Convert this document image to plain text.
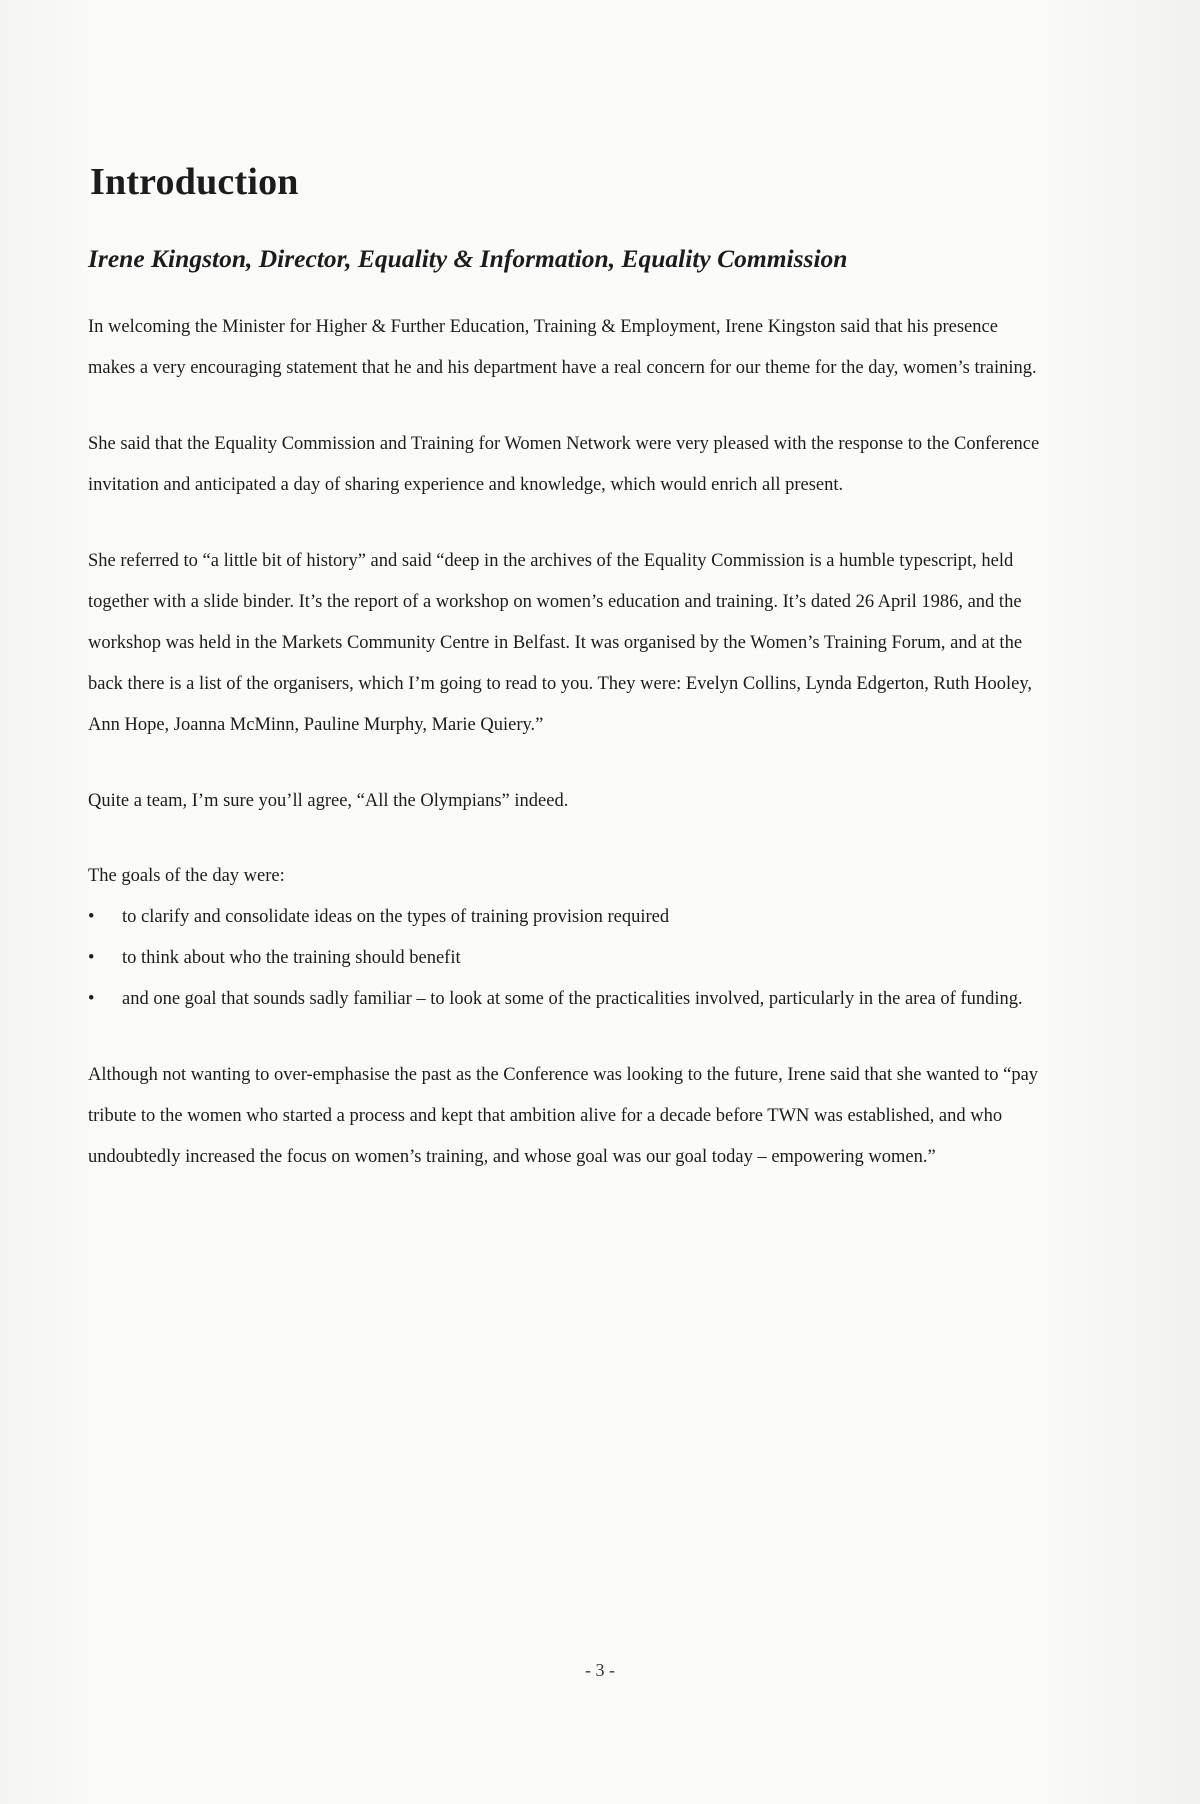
Introduction
Irene Kingston, Director, Equality & Information, Equality Commission

In welcoming the Minister for Higher & Further Education, Training & Employment, Irene Kingston said that his presence makes a very encouraging statement that he and his department have a real concern for our theme for the day, women’s training.

She said that the Equality Commission and Training for Women Network were very pleased with the response to the Conference invitation and anticipated a day of sharing experience and knowledge, which would enrich all present.

She referred to “a little bit of history” and said “deep in the archives of the Equality Commission is a humble typescript, held together with a slide binder. It’s the report of a workshop on women’s education and training. It’s dated 26 April 1986, and the workshop was held in the Markets Community Centre in Belfast. It was organised by the Women’s Training Forum, and at the back there is a list of the organisers, which I’m going to read to you. They were: Evelyn Collins, Lynda Edgerton, Ruth Hooley, Ann Hope, Joanna McMinn, Pauline Murphy, Marie Quiery.”

Quite a team, I’m sure you’ll agree, “All the Olympians” indeed.

The goals of the day were:

•	to clarify and consolidate ideas on the types of training provision required
•	to think about who the training should benefit
•	and one goal that sounds sadly familiar – to look at some of the practicalities involved, particularly in the area of funding.

Although not wanting to over-emphasise the past as the Conference was looking to the future, Irene said that she wanted to “pay tribute to the women who started a process and kept that ambition alive for a decade before TWN was established, and who undoubtedly increased the focus on women’s training, and whose goal was our goal today – empowering women.”

- 3 -
